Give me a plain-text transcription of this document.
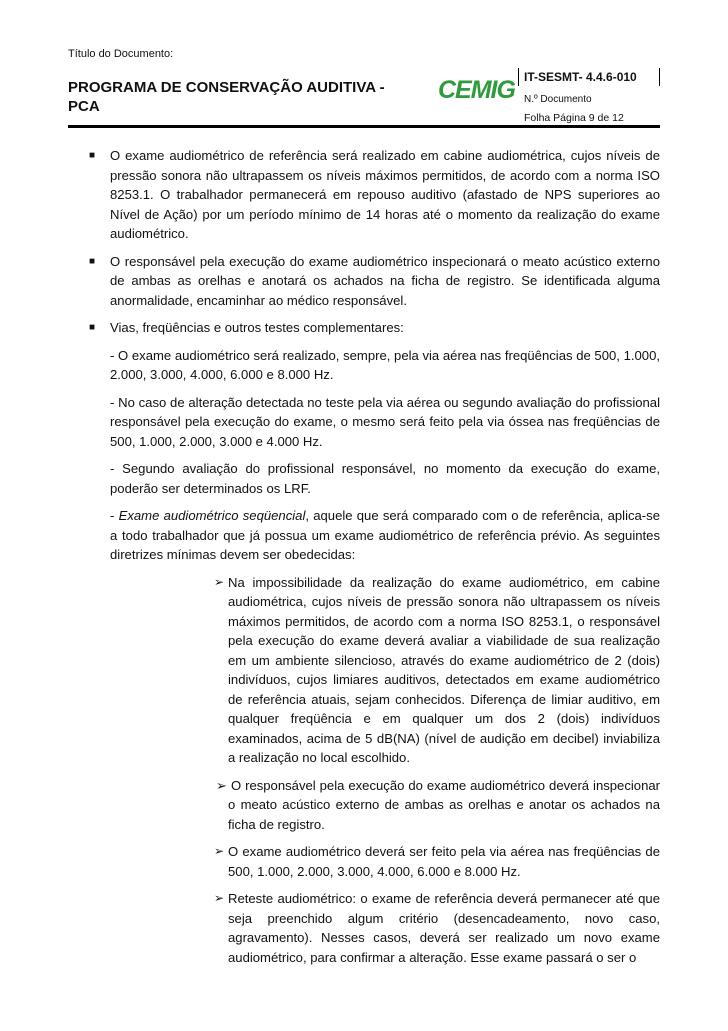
Título do Documento:
PROGRAMA DE CONSERVAÇÃO AUDITIVA - PCA
CEMIG IT-SESMT- 4.4.6-010
N.º Documento
Folha Página 9 de 12
■ O exame audiométrico de referência será realizado em cabine audiométrica, cujos níveis de pressão sonora não ultrapassem os níveis máximos permitidos, de acordo com a norma ISO 8253.1. O trabalhador permanecerá em repouso auditivo (afastado de NPS superiores ao Nível de Ação) por um período mínimo de 14 horas até o momento da realização do exame audiométrico.
■ O responsável pela execução do exame audiométrico inspecionará o meato acústico externo de ambas as orelhas e anotará os achados na ficha de registro. Se identificada alguma anormalidade, encaminhar ao médico responsável.
■ Vias, freqüências e outros testes complementares:

- O exame audiométrico será realizado, sempre, pela via aérea nas freqüências de 500, 1.000, 2.000, 3.000, 4.000, 6.000 e 8.000 Hz.

- No caso de alteração detectada no teste pela via aérea ou segundo avaliação do profissional responsável pela execução do exame, o mesmo será feito pela via óssea nas freqüências de 500, 1.000, 2.000, 3.000 e 4.000 Hz.

- Segundo avaliação do profissional responsável, no momento da execução do exame, poderão ser determinados os LRF.

- Exame audiométrico seqüencial, aquele que será comparado com o de referência, aplica-se a todo trabalhador que já possua um exame audiométrico de referência prévio. As seguintes diretrizes mínimas devem ser obedecidas:

➢ Na impossibilidade da realização do exame audiométrico, em cabine audiométrica, cujos níveis de pressão sonora não ultrapassem os níveis máximos permitidos, de acordo com a norma ISO 8253.1, o responsável pela execução do exame deverá avaliar a viabilidade de sua realização em um ambiente silencioso, através do exame audiométrico de 2 (dois) indivíduos, cujos limiares auditivos, detectados em exame audiométrico de referência atuais, sejam conhecidos. Diferença de limiar auditivo, em qualquer freqüência e em qualquer um dos 2 (dois) indivíduos examinados, acima de 5 dB(NA) (nível de audição em decibel) inviabiliza a realização no local escolhido.
➢ O responsável pela execução do exame audiométrico deverá inspecionar o meato acústico externo de ambas as orelhas e anotar os achados na ficha de registro.
➢ O exame audiométrico deverá ser feito pela via aérea nas freqüências de 500, 1.000, 2.000, 3.000, 4.000, 6.000 e 8.000 Hz.
➢ Reteste audiométrico: o exame de referência deverá permanecer até que seja preenchido algum critério (desencadeamento, novo caso, agravamento). Nesses casos, deverá ser realizado um novo exame audiométrico, para confirmar a alteração. Esse exame passará o ser o
